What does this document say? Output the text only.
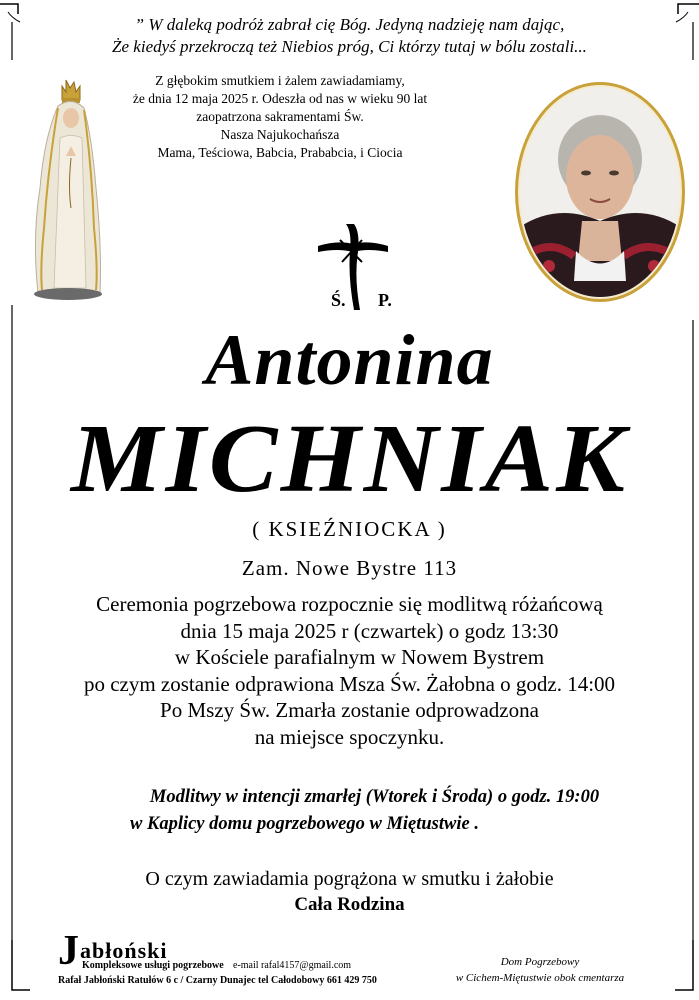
” W daleką podróż zabrał cię Bóg. Jedyną nadzieję nam dając,
Że kiedyś przekroczą też Niebios próg, Ci którzy tutaj w bólu zostali...
Z głębokim smutkiem i żalem zawiadamiamy,
że dnia 12 maja 2025 r. Odeszła od nas w wieku 90 lat
zaopatrzona sakramentami Św.
Nasza Najukochańsza
Mama, Teściowa, Babcia, Prababcia, i Ciocia
Ś. P.
Antonina
MICHNIAK
( KSIEŹNIOCKA )
Zam. Nowe Bystre 113
Ceremonia pogrzebowa rozpocznie się modlitwą różańcową
dnia 15 maja 2025 r (czwartek) o godz 13:30
w Kościele parafialnym w Nowem Bystrem
po czym zostanie odprawiona Msza Św. Żałobna o godz. 14:00
Po Mszy Św. Zmarła zostanie odprowadzona
na miejsce spoczynku.
Modlitwy w intencji zmarłej (Wtorek i Środa) o godz. 19:00
w Kaplicy domu pogrzebowego w Miętustwie .
O czym zawiadamia pogrążona w smutku i żałobie
Cała Rodzina
Jabłoński
Kompleksowe usługi pogrzebowe e-mail rafal4157@gmail.com
Rafał Jabłoński Ratułów 6 c / Czarny Dunajec tel Całodobowy 661 429 750
Dom Pogrzebowy
w Cichem-Miętustwie obok cmentarza
